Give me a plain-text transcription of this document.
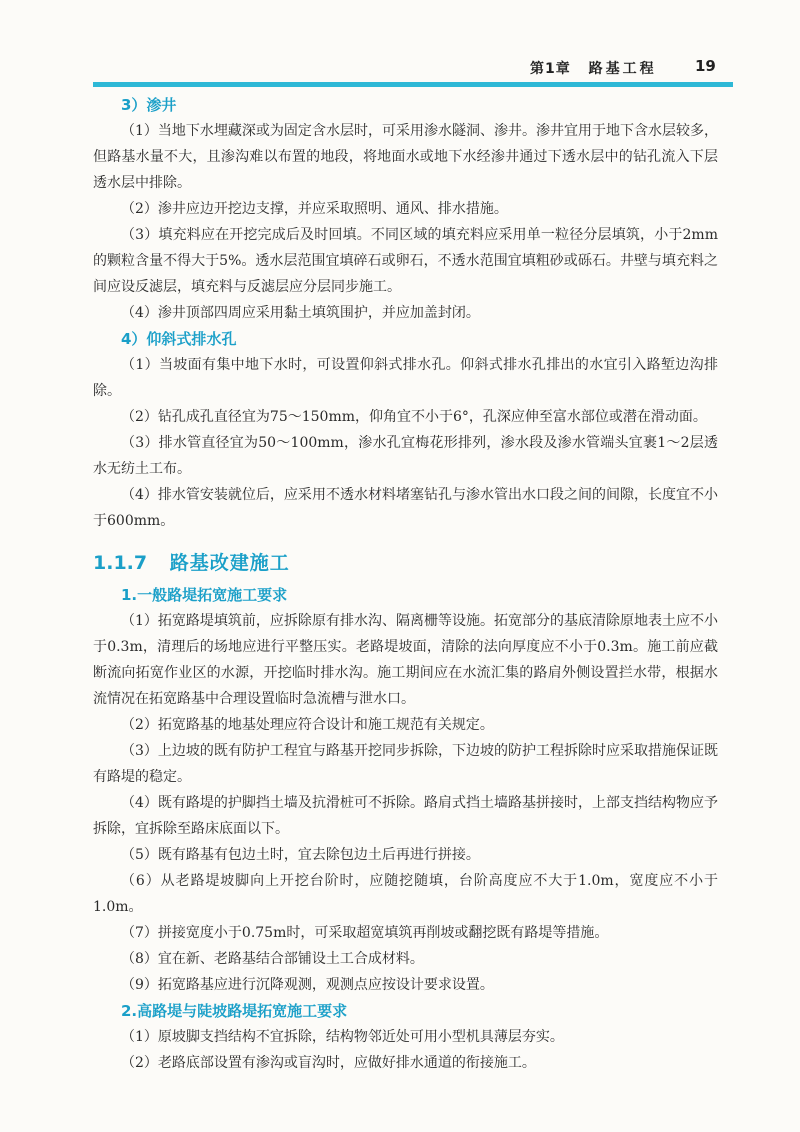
第1章 路基工程	19
3）渗井

（1）当地下水埋藏深或为固定含水层时，可采用渗水隧洞、渗井。渗井宜用于地下含水层较多，但路基水量不大，且渗沟难以布置的地段，将地面水或地下水经渗井通过下透水层中的钻孔流入下层透水层中排除。

（2）渗井应边开挖边支撑，并应采取照明、通风、排水措施。

（3）填充料应在开挖完成后及时回填。不同区域的填充料应采用单一粒径分层填筑，小于2mm的颗粒含量不得大于5%。透水层范围宜填碎石或卵石，不透水范围宜填粗砂或砾石。井壁与填充料之间应设反滤层，填充料与反滤层应分层同步施工。

（4）渗井顶部四周应采用黏土填筑围护，并应加盖封闭。

4）仰斜式排水孔

（1）当坡面有集中地下水时，可设置仰斜式排水孔。仰斜式排水孔排出的水宜引入路堑边沟排除。

（2）钻孔成孔直径宜为75～150mm，仰角宜不小于6°，孔深应伸至富水部位或潜在滑动面。

（3）排水管直径宜为50～100mm，渗水孔宜梅花形排列，渗水段及渗水管端头宜裹1～2层透水无纺土工布。

（4）排水管安装就位后，应采用不透水材料堵塞钻孔与渗水管出水口段之间的间隙，长度宜不小于600mm。

1.1.7 路基改建施工
1.一般路堤拓宽施工要求

（1）拓宽路堤填筑前，应拆除原有排水沟、隔离栅等设施。拓宽部分的基底清除原地表土应不小于0.3m，清理后的场地应进行平整压实。老路堤坡面，清除的法向厚度应不小于0.3m。施工前应截断流向拓宽作业区的水源，开挖临时排水沟。施工期间应在水流汇集的路肩外侧设置拦水带，根据水流情况在拓宽路基中合理设置临时急流槽与泄水口。

（2）拓宽路基的地基处理应符合设计和施工规范有关规定。

（3）上边坡的既有防护工程宜与路基开挖同步拆除，下边坡的防护工程拆除时应采取措施保证既有路堤的稳定。

（4）既有路堤的护脚挡土墙及抗滑桩可不拆除。路肩式挡土墙路基拼接时，上部支挡结构物应予拆除，宜拆除至路床底面以下。

（5）既有路基有包边土时，宜去除包边土后再进行拼接。

（6）从老路堤坡脚向上开挖台阶时，应随挖随填，台阶高度应不大于1.0m，宽度应不小于1.0m。

（7）拼接宽度小于0.75m时，可采取超宽填筑再削坡或翻挖既有路堤等措施。

（8）宜在新、老路基结合部铺设土工合成材料。

（9）拓宽路基应进行沉降观测，观测点应按设计要求设置。

2.高路堤与陡坡路堤拓宽施工要求

（1）原坡脚支挡结构不宜拆除，结构物邻近处可用小型机具薄层夯实。

（2）老路底部设置有渗沟或盲沟时，应做好排水通道的衔接施工。
